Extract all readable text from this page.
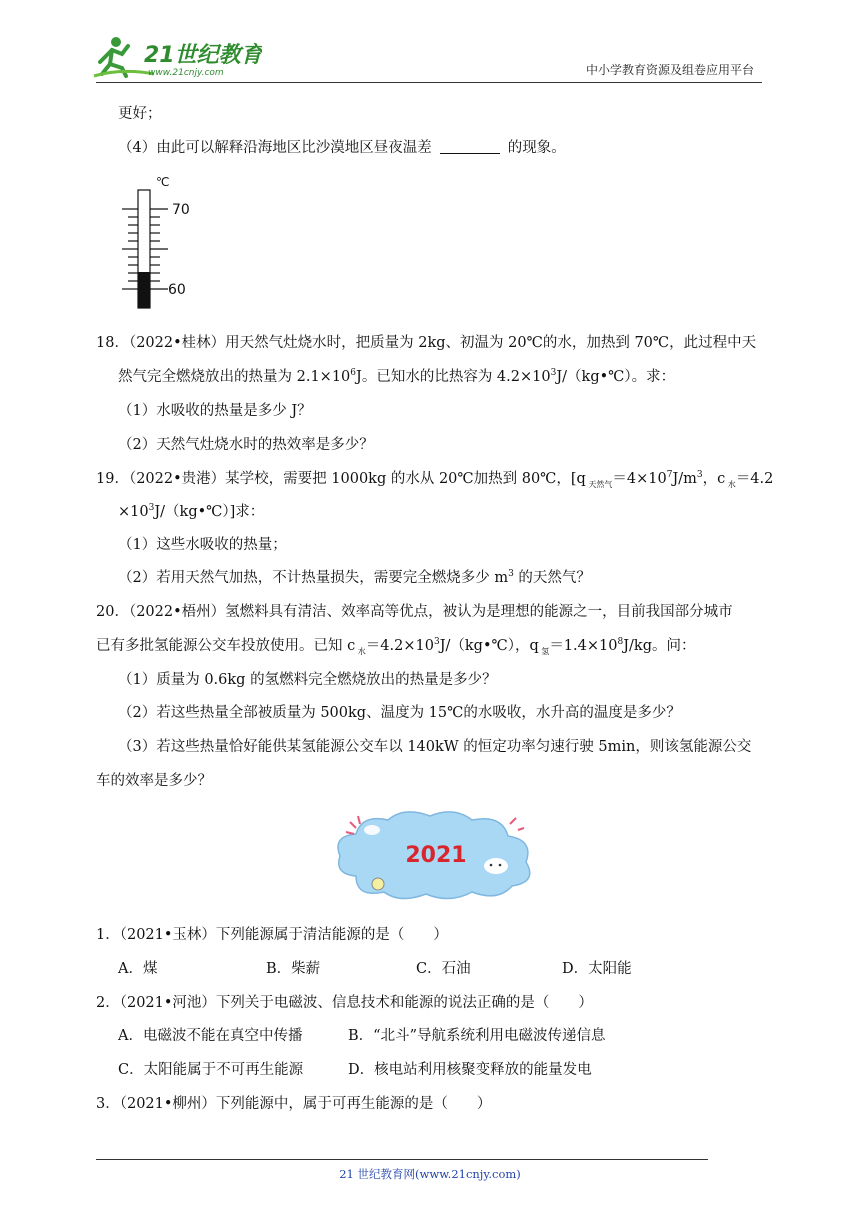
21世纪教育
www.21cnjy.com	中小学教育资源及组卷应用平台
更好；
（4）由此可以解释沿海地区比沙漠地区昼夜温差	的现象。
℃
70
60
18．（2022•桂林）用天然气灶烧水时，把质量为 2kg、初温为 20℃的水，加热到 70℃，此过程中天
然气完全燃烧放出的热量为 $2.1\times 10^6J$。已知水的比热容为 $4.2\times 10^3J/(kg•℃)$。求：
（1）水吸收的热量是多少 J？
（2）天然气灶烧水时的热效率是多少？
19．（2022•贵港）某学校，需要把 1000kg 的水从 20℃加热到 80℃，[q $_{天然气}=4\times 10^7J/m^3$，c $_水$＝4.2
$\times 10^3J/(kg•℃)$]求：
（1）这些水吸收的热量；
（2）若用天然气加热，不计热量损失，需要完全燃烧多少 $m^3$ 的天然气？
20．（2022•梧州）氢燃料具有清洁、效率高等优点，被认为是理想的能源之一，目前我国部分城市
已有多批氢能源公交车投放使用。已知 c $_水=4.2\times 10^3J/(kg•℃)$，q $_氢=1.4\times 10^8J/kg$。问：
（1）质量为 0.6kg 的氢燃料完全燃烧放出的热量是多少？
（2）若这些热量全部被质量为 500kg、温度为 15℃的水吸收，水升高的温度是多少？
（3）若这些热量恰好能供某氢能源公交车以 140kW 的恒定功率匀速行驶 5min，则该氢能源公交
车的效率是多少？
2021
1．（2021•玉林）下列能源属于清洁能源的是（　　）
A．煤	B．柴薪	C．石油	D．太阳能
2．（2021•河池）下列关于电磁波、信息技术和能源的说法正确的是（　　）
A．电磁波不能在真空中传播	B．“北斗”导航系统利用电磁波传递信息
C．太阳能属于不可再生能源	D．核电站利用核聚变释放的能量发电
3．（2021•柳州）下列能源中，属于可再生能源的是（　　）
21 世纪教育网(www.21cnjy.com)
